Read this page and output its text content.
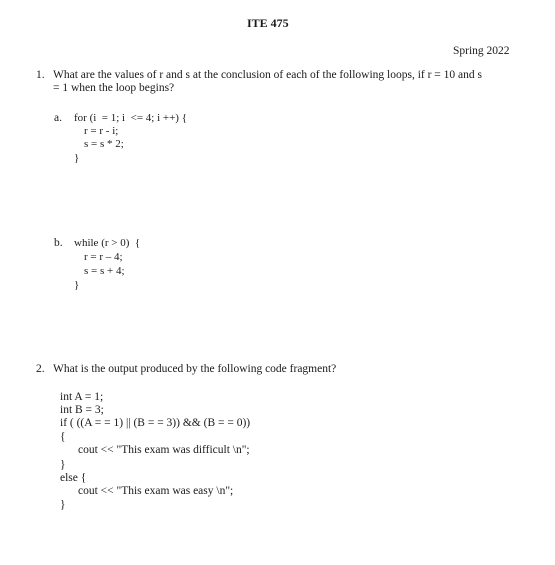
ITE 475
Spring 2022
1. What are the values of r and s at the conclusion of each of the following loops, if r = 10 and s
= 1 when the loop begins?
a. for (i  = 1; i  <= 4; i ++) {
r = r - i;
s = s * 2;
}
b. while (r > 0)  {
r = r – 4;
s = s + 4;
}
2. What is the output produced by the following code fragment?
int A = 1;
int B = 3;
if ( ((A = = 1) || (B = = 3)) && (B = = 0))
{
cout << "This exam was difficult \n";
}
else {
cout << "This exam was easy \n";
}
